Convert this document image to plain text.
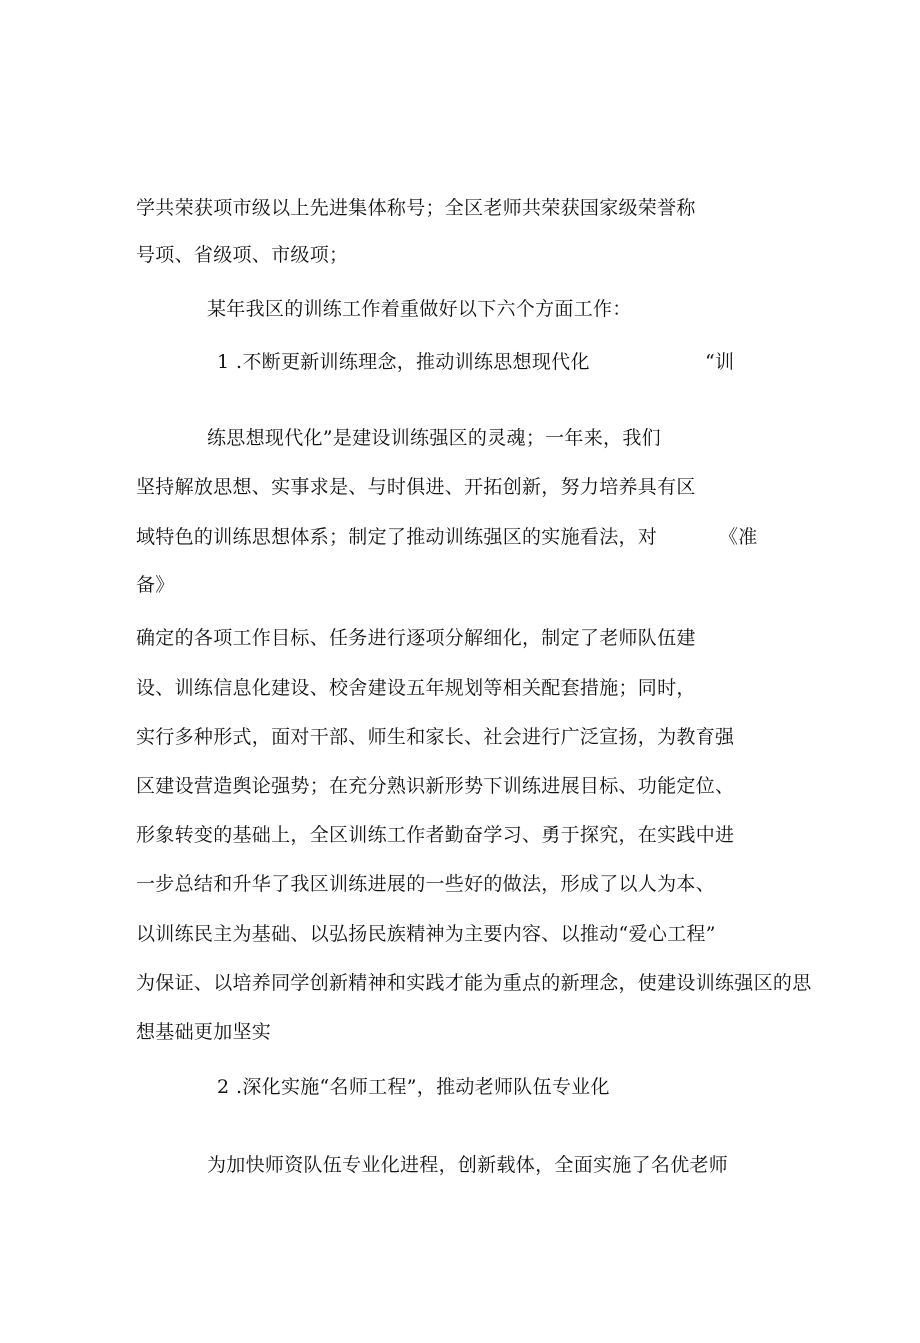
学共荣获项市级以上先进集体称号；全区老师共荣获国家级荣誉称
号项、省级项、市级项；
某年我区的训练工作着重做好以下六个方面工作：
1 .不断更新训练理念，推动训练思想现代化	“训
练思想现代化”是建设训练强区的灵魂；一年来，我们
坚持解放思想、实事求是、与时俱进、开拓创新，努力培养具有区
域特色的训练思想体系；制定了推动训练强区的实施看法，对	《准
备》
确定的各项工作目标、任务进行逐项分解细化，制定了老师队伍建
设、训练信息化建设、校舍建设五年规划等相关配套措施；同时，
实行多种形式，面对干部、师生和家长、社会进行广泛宣扬，为教育强
区建设营造舆论强势；在充分熟识新形势下训练进展目标、功能定位、
形象转变的基础上，全区训练工作者勤奋学习、勇于探究，在实践中进
一步总结和升华了我区训练进展的一些好的做法，形成了以人为本、
以训练民主为基础、以弘扬民族精神为主要内容、以推动“爱心工程”
为保证、以培养同学创新精神和实践才能为重点的新理念，使建设训练强区的思
想基础更加坚实
2 .深化实施“名师工程”，推动老师队伍专业化
为加快师资队伍专业化进程，创新载体，全面实施了名优老师
